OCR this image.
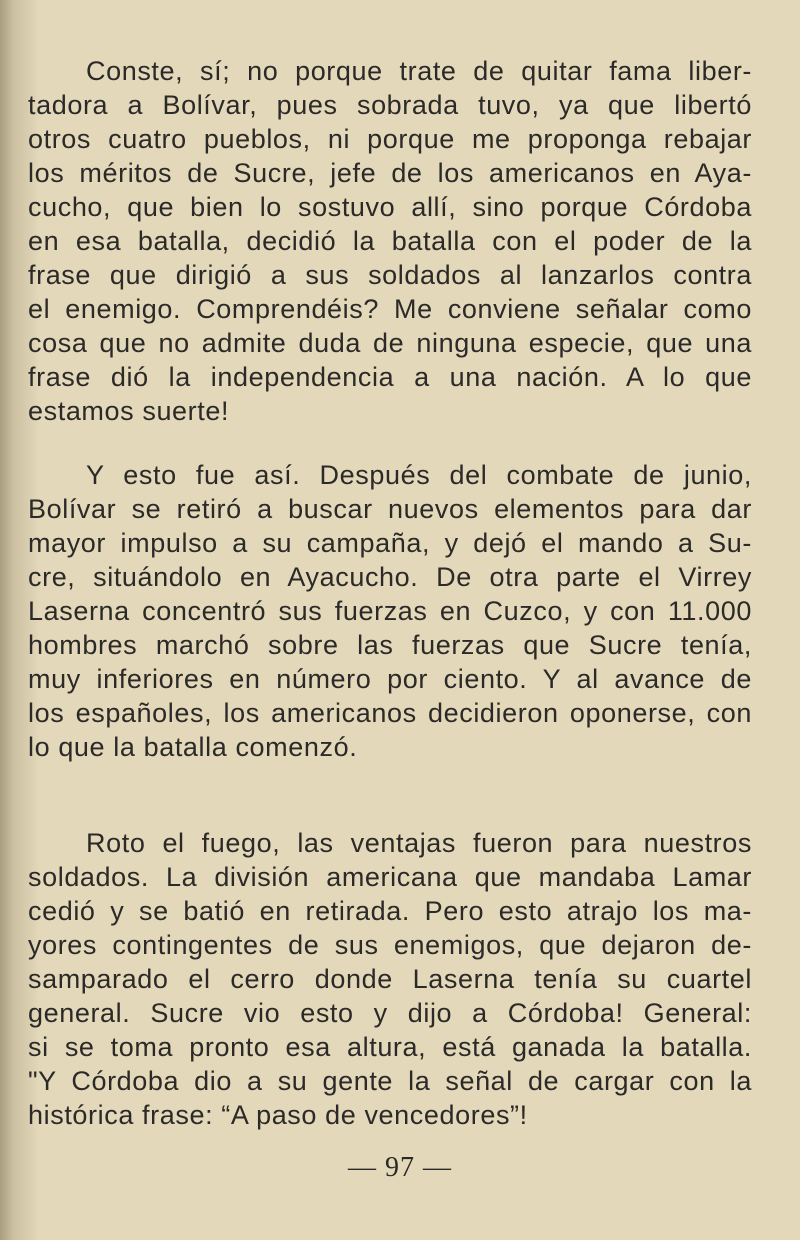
Conste, sí; no porque trate de quitar fama liber-
tadora a Bolívar, pues sobrada tuvo, ya que libertó
otros cuatro pueblos, ni porque me proponga rebajar
los méritos de Sucre, jefe de los americanos en Aya-
cucho, que bien lo sostuvo allí, sino porque Córdoba
en esa batalla, decidió la batalla con el poder de la
frase que dirigió a sus soldados al lanzarlos contra
el enemigo. Comprendéis? Me conviene señalar como
cosa que no admite duda de ninguna especie, que una
frase dió la independencia a una nación. A lo que
estamos suerte!

Y esto fue así. Después del combate de junio,
Bolívar se retiró a buscar nuevos elementos para dar
mayor impulso a su campaña, y dejó el mando a Su-
cre, situándolo en Ayacucho. De otra parte el Virrey
Laserna concentró sus fuerzas en Cuzco, y con 11.000
hombres marchó sobre las fuerzas que Sucre tenía,
muy inferiores en número por ciento. Y al avance de
los españoles, los americanos decidieron oponerse, con
lo que la batalla comenzó.

Roto el fuego, las ventajas fueron para nuestros
soldados. La división americana que mandaba Lamar
cedió y se batió en retirada. Pero esto atrajo los ma-
yores contingentes de sus enemigos, que dejaron de-
samparado el cerro donde Laserna tenía su cuartel
general. Sucre vio esto y dijo a Córdoba! General:
si se toma pronto esa altura, está ganada la batalla.
"Y Córdoba dio a su gente la señal de cargar con la
histórica frase: “A paso de vencedores”!

— 97 —
